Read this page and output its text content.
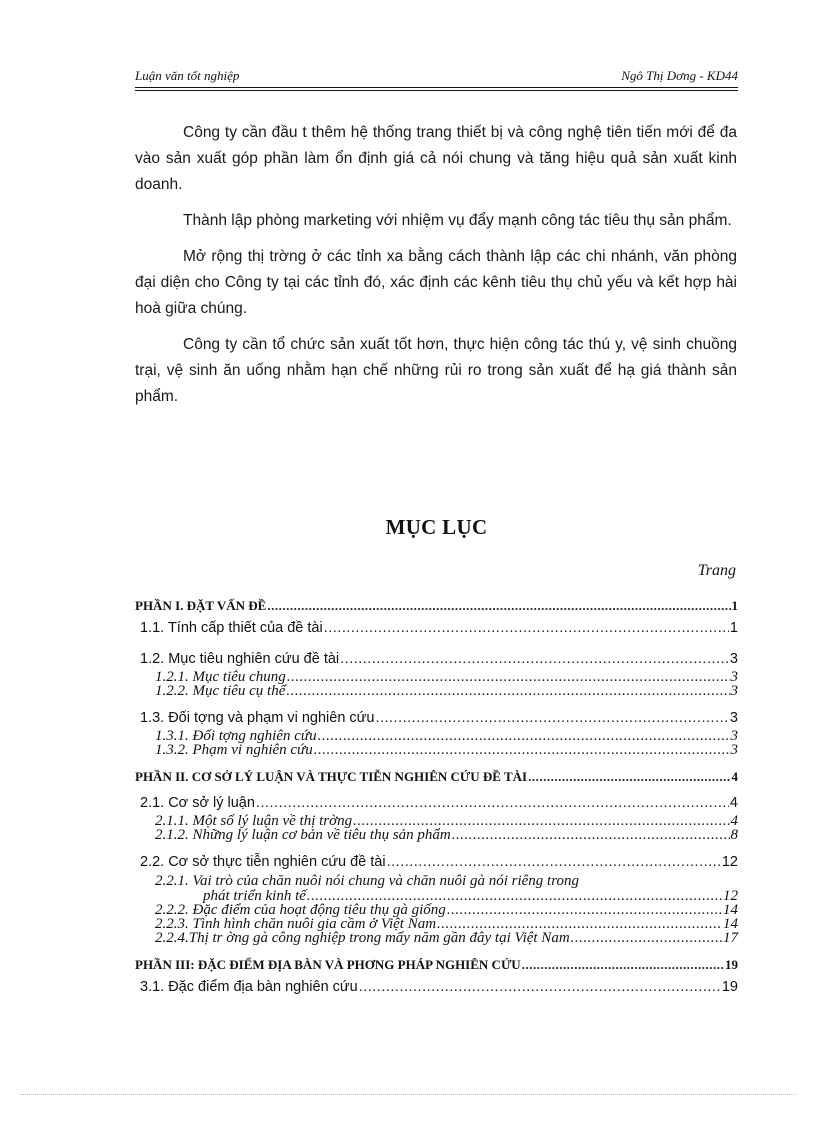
Luận văn tốt nghiệp	Ngô Thị Dơng - KD44

Công ty cần đầu t thêm hệ thống trang thiết bị và công nghệ tiên tiến mới để đa vào sản xuất góp phần làm ổn định giá cả nói chung và tăng hiệu quả sản xuất kinh doanh.

Thành lập phòng marketing với nhiệm vụ đẩy mạnh công tác tiêu thụ sản phẩm.

Mở rộng thị trờng ở các tỉnh xa bằng cách thành lập các chi nhánh, văn phòng đại diện cho Công ty tại các tỉnh đó, xác định các kênh tiêu thụ chủ yếu và kết hợp hài hoà giữa chúng.

Công ty cần tổ chức sản xuất tốt hơn, thực hiện công tác thú y, vệ sinh chuồng trại, vệ sinh ăn uống nhằm hạn chế những rủi ro trong sản xuất để hạ giá thành sản phẩm.

MỤC LỤC
Trang
PHẦN I. ĐẶT VẤN ĐỀ .....	1
1.1. Tính cấp thiết của đề tài .....	1
1.2. Mục tiêu nghiên cứu đề tài .....	3
1.2.1. Mục tiêu chung .....	3
1.2.2. Mục tiêu cụ thể .....	3
1.3. Đối tợng và phạm vi nghiên cứu .....	3
1.3.1. Đối tợng nghiên cứu .....	3
1.3.2. Phạm vi nghiên cứu .....	3
PHẦN II. CƠ SỞ LÝ LUẬN VÀ THỰC TIỄN NGHIÊN CỨU ĐỀ TÀI .....	4
2.1. Cơ sở lý luận .....	4
2.1.1. Một số lý luận về thị trờng .....	4
2.1.2. Những lý luận cơ bản về tiêu thụ sản phẩm .....	8
2.2. Cơ sở thực tiễn nghiên cứu đề tài .....	12
2.2.1. Vai trò của chăn nuôi nói chung và chăn nuôi gà nói riêng trong
phát triển kinh tế .....	12
2.2.2. Đặc điểm của hoạt động tiêu thụ gà giống .....	14
2.2.3. Tình hình chăn nuôi gia cầm ở Việt Nam .....	14
2.2.4.Thị tr ờng gà công nghiệp trong mấy năm gần đây tại Việt Nam .....	17
PHẦN III: ĐẶC ĐIỂM ĐỊA BÀN VÀ PHƠNG PHÁP NGHIÊN CỨU .....	19
3.1. Đặc điểm địa bàn nghiên cứu .....	19
